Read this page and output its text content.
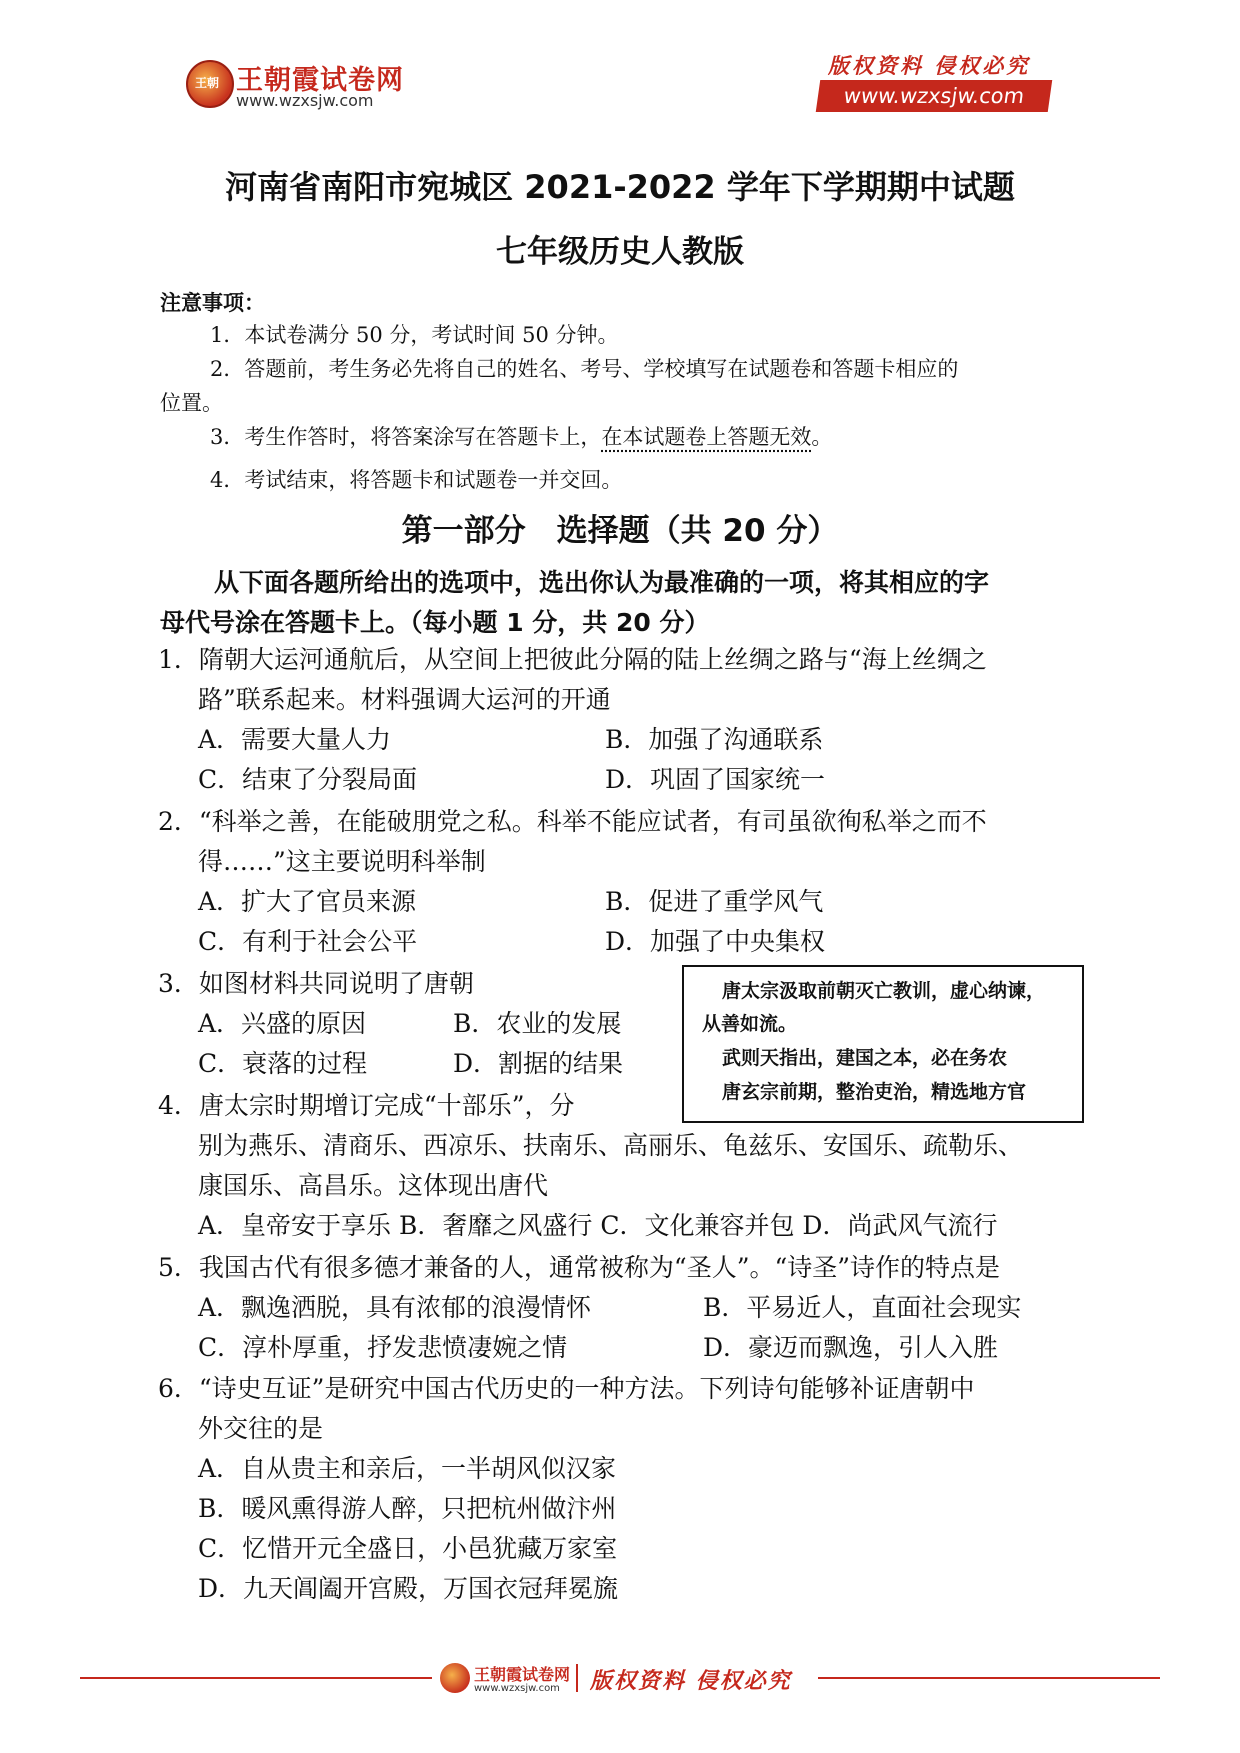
王朝
王朝霞试卷网
www.wzxsjw.com
版权资料 侵权必究
www.wzxsjw.com
河南省南阳市宛城区 2021-2022 学年下学期期中试题
七年级历史人教版
注意事项：
1．本试卷满分 50 分，考试时间 50 分钟。
2．答题前，考生务必先将自己的姓名、考号、学校填写在试题卷和答题卡相应的
位置。
3．考生作答时，将答案涂写在答题卡上，在本试题卷上答题无效。
4．考试结束，将答题卡和试题卷一并交回。
第一部分　选择题（共 20 分）
从下面各题所给出的选项中，选出你认为最准确的一项，将其相应的字
母代号涂在答题卡上。（每小题 1 分，共 20 分）
1．隋朝大运河通航后，从空间上把彼此分隔的陆上丝绸之路与“海上丝绸之
路”联系起来。材料强调大运河的开通
A．需要大量人力	B．加强了沟通联系
C．结束了分裂局面	D．巩固了国家统一
2．“科举之善，在能破朋党之私。科举不能应试者，有司虽欲徇私举之而不
得……”这主要说明科举制
A．扩大了官员来源	B．促进了重学风气
C．有利于社会公平	D．加强了中央集权
3．如图材料共同说明了唐朝
A．兴盛的原因	B．农业的发展
C．衰落的过程	D．割据的结果
唐太宗汲取前朝灭亡教训，虚心纳谏，
从善如流。
武则天指出，建国之本，必在务农
唐玄宗前期，整治吏治，精选地方官
4．唐太宗时期增订完成“十部乐”，分
别为燕乐、清商乐、西凉乐、扶南乐、高丽乐、龟兹乐、安国乐、疏勒乐、
康国乐、高昌乐。这体现出唐代
A．皇帝安于享乐 B．奢靡之风盛行 C．文化兼容并包 D．尚武风气流行
5．我国古代有很多德才兼备的人，通常被称为“圣人”。“诗圣”诗作的特点是
A．飘逸洒脱，具有浓郁的浪漫情怀	B．平易近人，直面社会现实
C．淳朴厚重，抒发悲愤凄婉之情	D．豪迈而飘逸，引人入胜
6．“诗史互证”是研究中国古代历史的一种方法。下列诗句能够补证唐朝中
外交往的是
A．自从贵主和亲后，一半胡风似汉家
B．暖风熏得游人醉，只把杭州做汴州
C．忆惜开元全盛日，小邑犹藏万家室
D．九天阊阖开宫殿，万国衣冠拜冕旒
王朝霞试卷网
www.wzxsjw.com 版权资料 侵权必究
